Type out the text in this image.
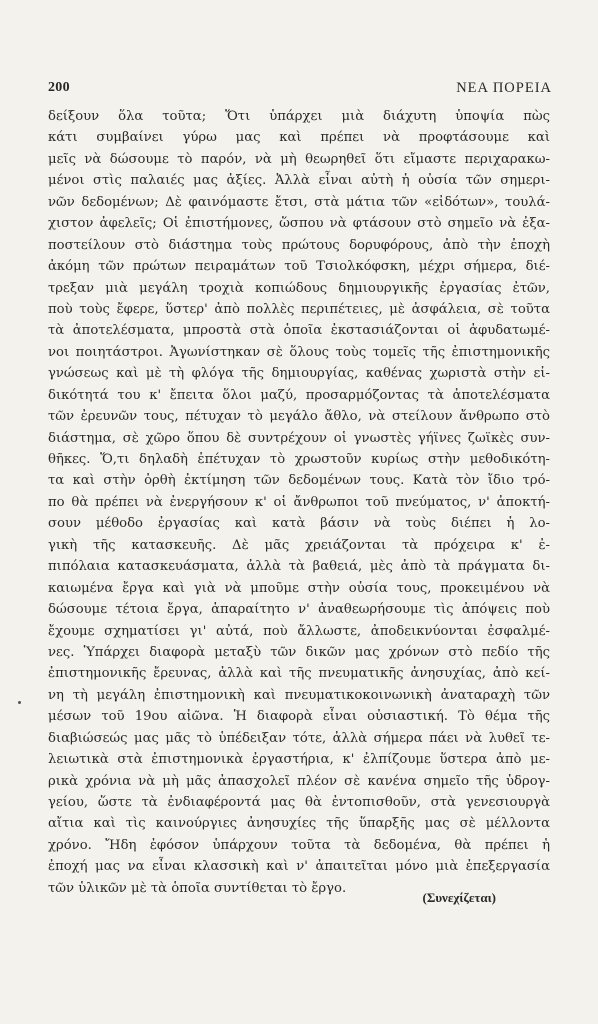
200	ΝΕΑ ΠΟΡΕΙΑ
δείξουν ὅλα τοῦτα; Ὅτι ὑπάρχει μιὰ διάχυτη ὑποψία πὼς
κάτι συμβαίνει γύρω μας καὶ πρέπει νὰ προφτάσουμε καὶ
μεῖς νὰ δώσουμε τὸ παρόν, νὰ μὴ θεωρηθεῖ ὅτι εἴμαστε περιχαρακω-
μένοι στὶς παλαιές μας ἀξίες. Ἀλλὰ εἶναι αὐτὴ ἡ οὐσία τῶν σημερι-
νῶν δεδομένων; Δὲ φαινόμαστε ἔτσι, στὰ μάτια τῶν «εἰδότων», τουλά-
χιστον ἀφελεῖς; Οἱ ἐπιστήμονες, ὥσπου νὰ φτάσουν στὸ σημεῖο νὰ ἐξα-
ποστείλουν στὸ διάστημα τοὺς πρώτους δορυφόρους, ἀπὸ τὴν ἐποχὴ
ἀκόμη τῶν πρώτων πειραμάτων τοῦ Τσιολκόφσκη, μέχρι σήμερα, διέ-
τρεξαν μιὰ μεγάλη τροχιὰ κοπιώδους δημιουργικῆς ἐργασίας ἐτῶν,
ποὺ τοὺς ἔφερε, ὕστερ' ἀπὸ πολλὲς περιπέτειες, μὲ ἀσφάλεια, σὲ τοῦτα
τὰ ἀποτελέσματα, μπροστὰ στὰ ὁποῖα ἐκστασιάζονται οἱ ἀφυδατωμέ-
νοι ποιητάστροι. Ἀγωνίστηκαν σὲ ὅλους τοὺς τομεῖς τῆς ἐπιστημονικῆς
γνώσεως καὶ μὲ τὴ φλόγα τῆς δημιουργίας, καθένας χωριστὰ στὴν εἰ-
δικότητά του κ' ἔπειτα ὅλοι μαζύ, προσαρμόζοντας τὰ ἀποτελέσματα
τῶν ἐρευνῶν τους, πέτυχαν τὸ μεγάλο ἄθλο, νὰ στείλουν ἄνθρωπο στὸ
διάστημα, σὲ χῶρο ὅπου δὲ συντρέχουν οἱ γνωστὲς γήϊνες ζωϊκὲς συν-
θῆκες. Ὅ,τι δηλαδὴ ἐπέτυχαν τὸ χρωστοῦν κυρίως στὴν μεθοδικότη-
τα καὶ στὴν ὀρθὴ ἐκτίμηση τῶν δεδομένων τους. Κατὰ τὸν ἴδιο τρό-
πο θὰ πρέπει νὰ ἐνεργήσουν κ' οἱ ἄνθρωποι τοῦ πνεύματος, ν' ἀποκτή-
σουν μέθοδο ἐργασίας καὶ κατὰ βάσιν νὰ τοὺς διέπει ἡ λο-
γικὴ τῆς κατασκευῆς. Δὲ μᾶς χρειάζονται τὰ πρόχειρα κ' ἐ-
πιπόλαια κατασκευάσματα, ἀλλὰ τὰ βαθειά, μὲς ἀπὸ τὰ πράγματα δι-
καιωμένα ἔργα καὶ γιὰ νὰ μποῦμε στὴν οὐσία τους, προκειμένου νὰ
δώσουμε τέτοια ἔργα, ἀπαραίτητο ν' ἀναθεωρήσουμε τὶς ἀπόψεις ποὺ
ἔχουμε σχηματίσει γι' αὐτά, ποὺ ἄλλωστε, ἀποδεικνύονται ἐσφαλμέ-
νες. Ὑπάρχει διαφορὰ μεταξὺ τῶν δικῶν μας χρόνων στὸ πεδίο τῆς
ἐπιστημονικῆς ἔρευνας, ἀλλὰ καὶ τῆς πνευματικῆς ἀνησυχίας, ἀπὸ κεί-
νη τὴ μεγάλη ἐπιστημονικὴ καὶ πνευματικοκοινωνικὴ ἀναταραχὴ τῶν
μέσων τοῦ 19ου αἰῶνα. Ἡ διαφορὰ εἶναι οὐσιαστική. Τὸ θέμα τῆς
διαβιώσεώς μας μᾶς τὸ ὑπέδειξαν τότε, ἀλλὰ σήμερα πάει νὰ λυθεῖ τε-
λειωτικὰ στὰ ἐπιστημονικὰ ἐργαστήρια, κ' ἐλπίζουμε ὕστερα ἀπὸ με-
ρικὰ χρόνια νὰ μὴ μᾶς ἀπασχολεῖ πλέον σὲ κανένα σημεῖο τῆς ὑδρογ-
γείου, ὥστε τὰ ἐνδιαφέροντά μας θὰ ἐντοπισθοῦν, στὰ γενεσιουργὰ
αἴτια καὶ τὶς καινούργιες ἀνησυχίες τῆς ὕπαρξῆς μας σὲ μέλλοντα
χρόνο. Ἤδη ἐφόσον ὑπάρχουν τοῦτα τὰ δεδομένα, θὰ πρέπει ἡ
ἐποχή μας να εἶναι κλασσικὴ καὶ ν' ἀπαιτεῖται μόνο μιὰ ἐπεξεργασία
τῶν ὑλικῶν μὲ τὰ ὁποῖα συντίθεται τὸ ἔργο.
(Συνεχίζεται)
